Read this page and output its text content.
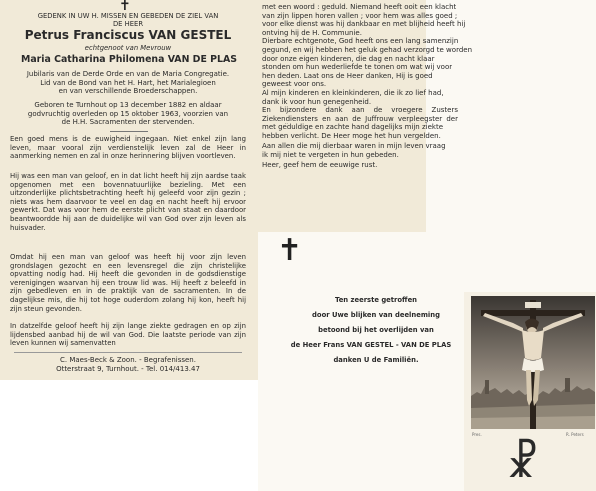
✝
GEDENK IN UW H. MISSEN EN GEBEDEN DE ZIEL VAN
DE HEER
Petrus Franciscus VAN GESTEL
echtgenoot van Mevrouw
Maria Catharina Philomena VAN DE PLAS
Jubilaris van de Derde Orde en van de Maria Congregatie.
Lid van de Bond van het H. Hart, het Marialegioen
en van verschillende Broederschappen.
Geboren te Turnhout op 13 december 1882 en aldaar
godvruchtig overleden op 15 oktober 1963, voorzien van
de H.H. Sacramenten der stervenden.
Een goed mens is de euwigheid ingegaan. Niet enkel zijn lang leven, maar vooral zijn verdienstelijk leven zal de Heer in aanmerking nemen en zal in onze herinnering blijven voortleven.
Hij was een man van geloof, en in dat licht heeft hij zijn aardse taak opgenomen met een bovennatuurlijke bezieling. Met een uitzonderlijke plichtsbetrachting heeft hij geleefd voor zijn gezin ; niets was hem daarvoor te veel en dag en nacht heeft hij ervoor gewerkt. Dat was voor hem de eerste plicht van staat en daardoor beantwoordde hij aan de duidelijke wil van God over zijn leven als huisvader.
Omdat hij een man van geloof was heeft hij voor zijn leven grondslagen gezocht en een levensregel die zijn christelijke opvatting nodig had. Hij heeft die gevonden in de godsdienstige verenigingen waarvan hij een trouw lid was. Hij heeft z beleefd in zijn gebedleven en in de praktijk van de sacramenten. In de dagelijkse mis, die hij tot hoge ouderdom zolang hij kon, heeft hij zijn steun gevonden.
In datzelfde geloof heeft hij zijn lange ziekte gedragen en op zijn lijdensbed aanbad hij de wil van God. Die laatste periode van zijn leven kunnen wij samenvatten
C. Maes-Beck & Zoon. - Begrafenissen.
Otterstraat 9, Turnhout. - Tel. 014/413.47
met een woord : geduld. Niemand heeft ooit een klacht
van zijn lippen horen vallen ; voor hem was alles goed ;
voor elke dienst was hij dankbaar en met blijheid heeft hij
ontving hij de H. Communie.
Dierbare echtgenote, God heeft ons een lang samenzijn
gegund, en wij hebben het geluk gehad verzorgd te worden
door onze eigen kinderen, die dag en nacht klaar
stonden om hun wederliefde te tonen om wat wij voor
hen deden. Laat ons de Heer danken, Hij is goed
geweest voor ons.
Al mijn kinderen en kleinkinderen, die ik zo lief had,
dank ik voor hun genegenheid.
En bijzondere dank aan de vroegere Zusters Ziekendiensters en aan de Juffrouw verpleegster der
met geduldige en zachte hand dagelijks mijn ziekte
hebben verlicht. De Heer moge het hun vergelden.
Aan allen die mij dierbaar waren in mijn leven vraag
ik mij niet te vergeten in hun gebeden.
Heer, geef hem de eeuwige rust.
✝
Ten zeerste getroffen
door Uwe blijken van deelneming
betoond bij het overlijden van
de Heer Frans VAN GESTEL - VAN DE PLAS
danken U de Familiën.
Pres.	R. Peters
☧
